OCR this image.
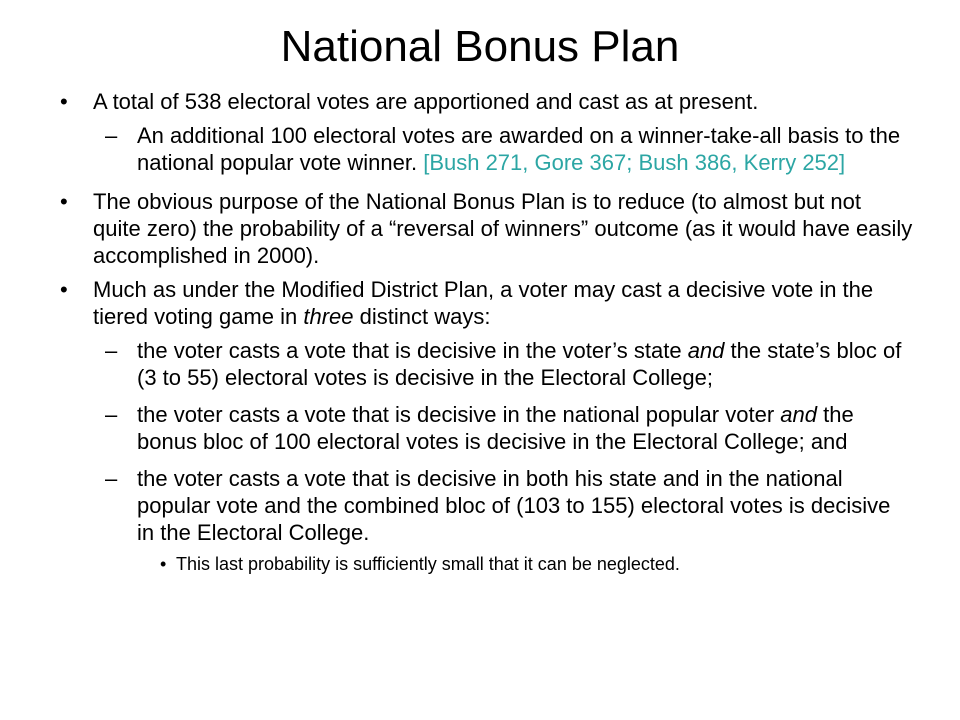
National Bonus Plan
• A total of 538 electoral votes are apportioned and cast as at present.
– An additional 100 electoral votes are awarded on a winner-take-all basis to the national popular vote winner. [Bush 271, Gore 367; Bush 386, Kerry 252]
• The obvious purpose of the National Bonus Plan is to reduce (to almost but not quite zero) the probability of a “reversal of winners” outcome (as it would have easily accomplished in 2000).
• Much as under the Modified District Plan, a voter may cast a decisive vote in the tiered voting game in three distinct ways:
– the voter casts a vote that is decisive in the voter’s state and the state’s bloc of (3 to 55) electoral votes is decisive in the Electoral College;
– the voter casts a vote that is decisive in the national popular voter and the bonus bloc of 100 electoral votes is decisive in the Electoral College; and
– the voter casts a vote that is decisive in both his state and in the national popular vote and the combined bloc of (103 to 155) electoral votes is decisive in the Electoral College.
• This last probability is sufficiently small that it can be neglected.
